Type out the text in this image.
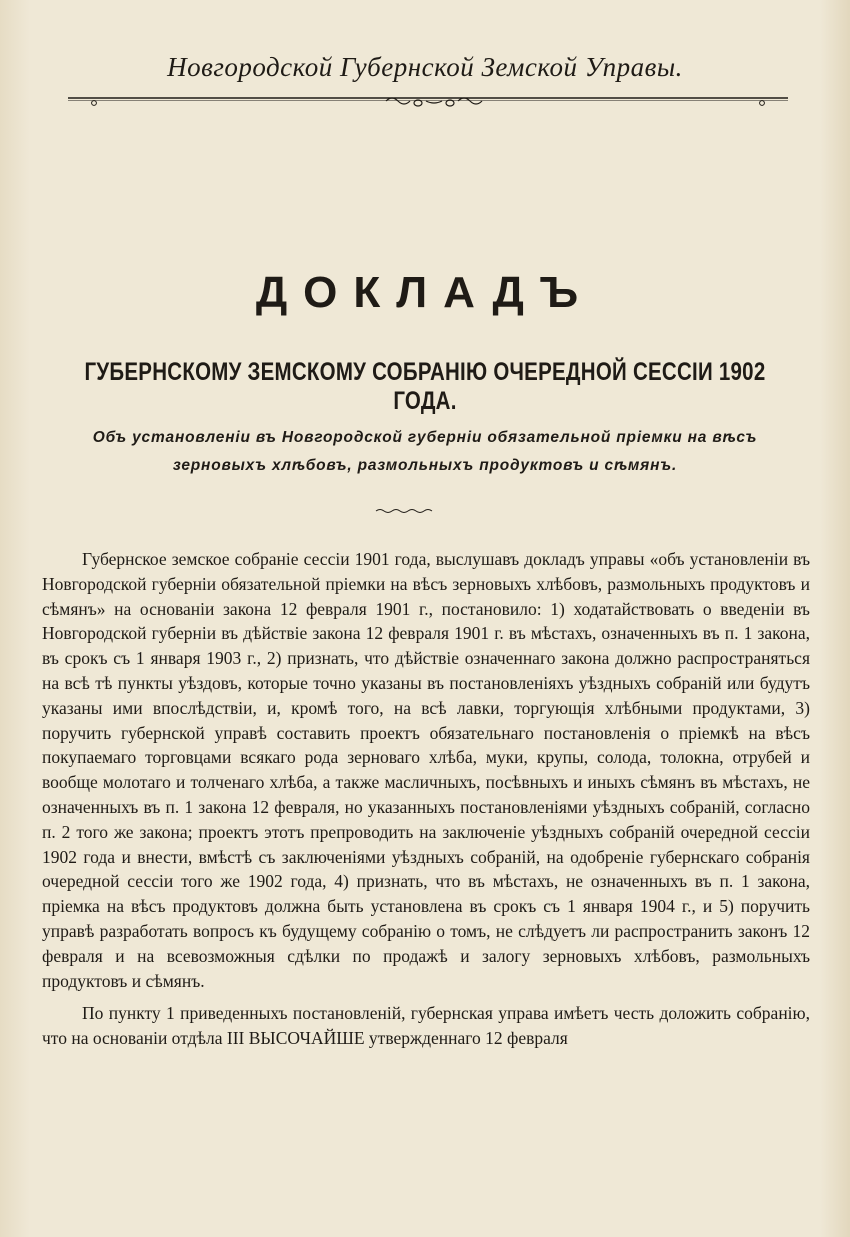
Новгородской Губернской Земской Управы.
ДОКЛАДЪ
ГУБЕРНСКОМУ ЗЕМСКОМУ СОБРАНІЮ ОЧЕРЕДНОЙ СЕССІИ 1902 ГОДА.
Объ установленіи въ Новгородской губерніи обязательной пріемки на вѣсъ
зерновыхъ хлѣбовъ, размольныхъ продуктовъ и сѣмянъ.

Губернское земское собраніе сессіи 1901 года, выслушавъ докладъ управы «объ установленіи въ Новгородской губерніи обязательной пріемки на вѣсъ зерновыхъ хлѣбовъ, размольныхъ продуктовъ и сѣмянъ» на основаніи закона 12 февраля 1901 г., постановило: 1) ходатайствовать о введеніи въ Новгородской губерніи въ дѣйствіе закона 12 февраля 1901 г. въ мѣстахъ, означенныхъ въ п. 1 закона, въ срокъ съ 1 января 1903 г., 2) признать, что дѣйствіе означеннаго закона должно распространяться на всѣ тѣ пункты уѣздовъ, которые точно указаны въ постановленіяхъ уѣздныхъ собраній или будутъ указаны ими впослѣдствіи, и, кромѣ того, на всѣ лавки, торгующія хлѣбными продуктами, 3) поручить губернской управѣ составить проектъ обязательнаго постановленія о пріемкѣ на вѣсъ покупаемаго торговцами всякаго рода зерноваго хлѣба, муки, крупы, солода, толокна, отрубей и вообще молотаго и толченаго хлѣба, а также масличныхъ, посѣвныхъ и иныхъ сѣмянъ въ мѣстахъ, не означенныхъ въ п. 1 закона 12 февраля, но указанныхъ постановленіями уѣздныхъ собраній, согласно п. 2 того же закона; проектъ этотъ препроводить на заключеніе уѣздныхъ собраній очередной сессіи 1902 года и внести, вмѣстѣ съ заключеніями уѣздныхъ собраній, на одобреніе губернскаго собранія очередной сессіи того же 1902 года, 4) признать, что въ мѣстахъ, не означенныхъ въ п. 1 закона, пріемка на вѣсъ продуктовъ должна быть установлена въ срокъ съ 1 января 1904 г., и 5) поручить управѣ разработать вопросъ къ будущему собранію о томъ, не слѣдуетъ ли распространить законъ 12 февраля и на всевозможныя сдѣлки по продажѣ и залогу зерновыхъ хлѣбовъ, размольныхъ продуктовъ и сѣмянъ.

По пункту 1 приведенныхъ постановленій, губернская управа имѣетъ честь доложить собранію, что на основаніи отдѣла III ВЫСОЧАЙШЕ утвержденнаго 12 февраля
